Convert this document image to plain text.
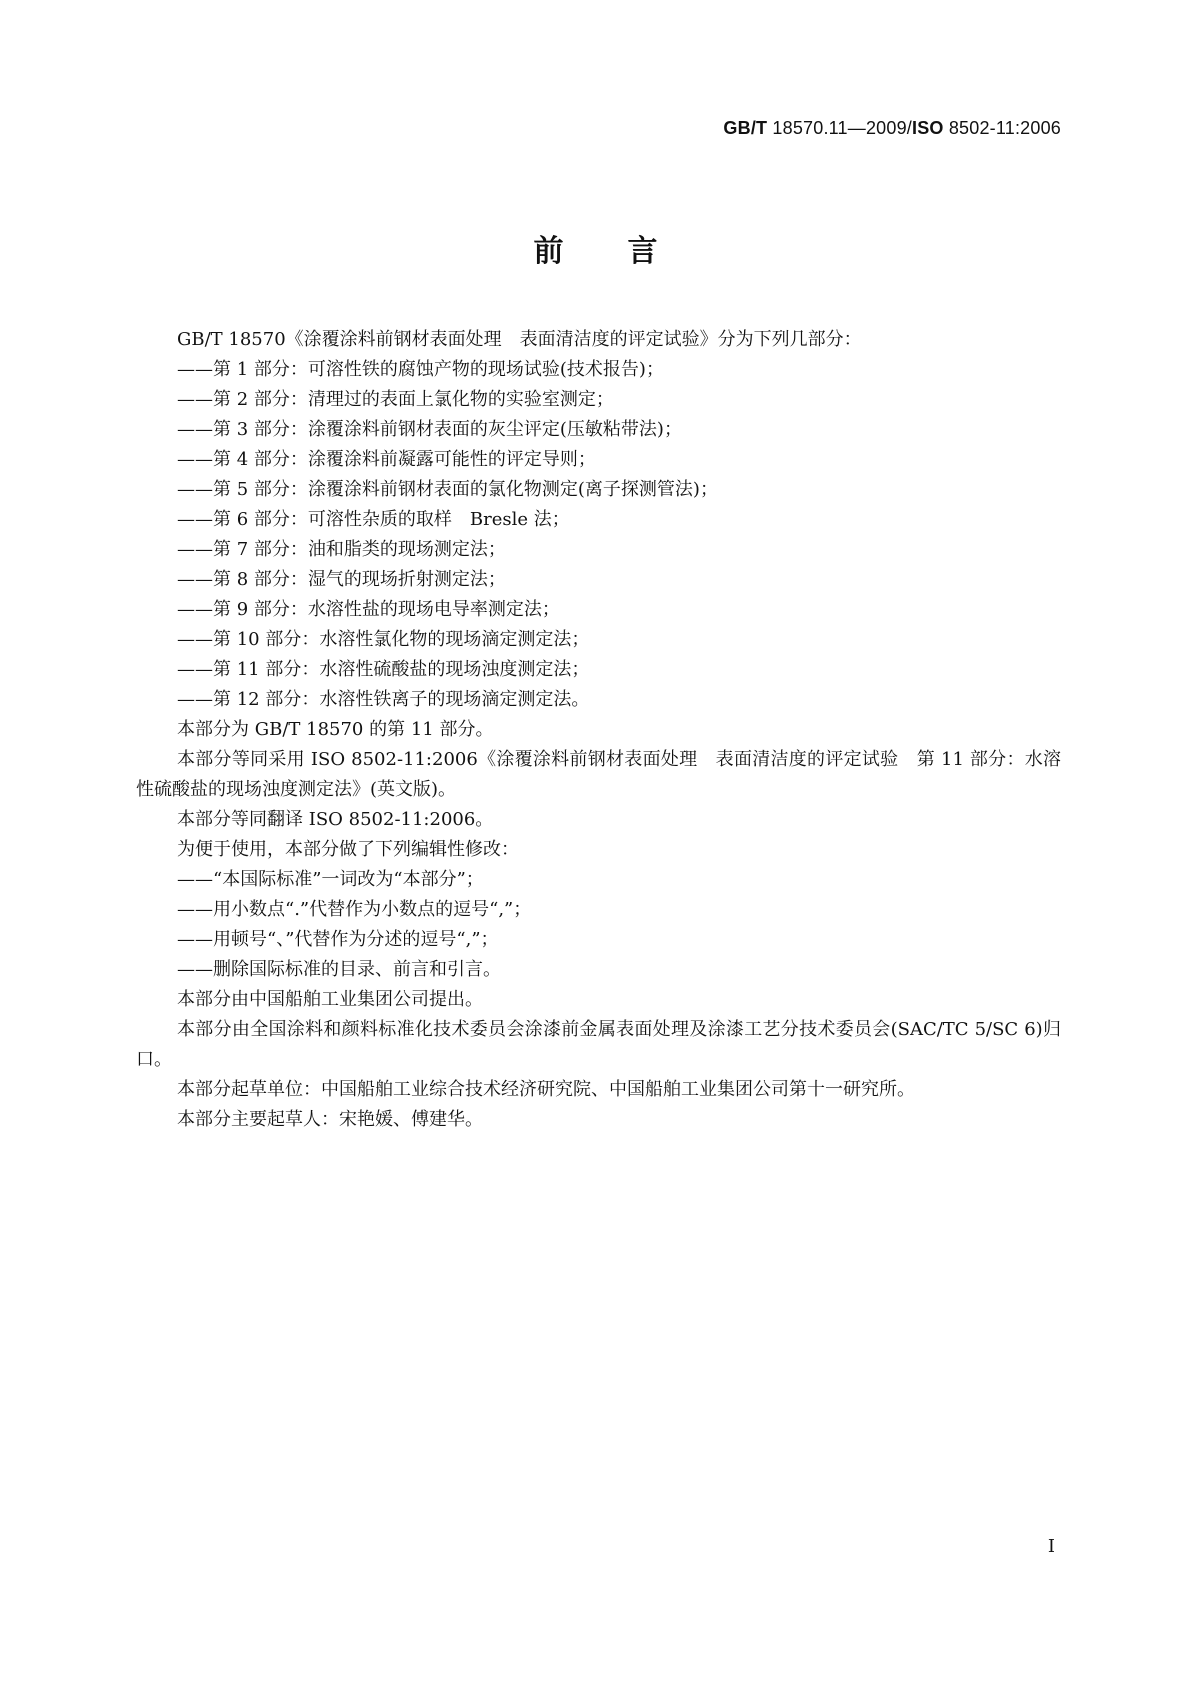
GB/T 18570.11—2009/ISO 8502-11:2006
前言

GB/T 18570《涂覆涂料前钢材表面处理　表面清洁度的评定试验》分为下列几部分：

——第 1 部分：可溶性铁的腐蚀产物的现场试验(技术报告)；

——第 2 部分：清理过的表面上氯化物的实验室测定；

——第 3 部分：涂覆涂料前钢材表面的灰尘评定(压敏粘带法)；

——第 4 部分：涂覆涂料前凝露可能性的评定导则；

——第 5 部分：涂覆涂料前钢材表面的氯化物测定(离子探测管法)；

——第 6 部分：可溶性杂质的取样　Bresle 法；

——第 7 部分：油和脂类的现场测定法；

——第 8 部分：湿气的现场折射测定法；

——第 9 部分：水溶性盐的现场电导率测定法；

——第 10 部分：水溶性氯化物的现场滴定测定法；

——第 11 部分：水溶性硫酸盐的现场浊度测定法；

——第 12 部分：水溶性铁离子的现场滴定测定法。

本部分为 GB/T 18570 的第 11 部分。

本部分等同采用 ISO 8502-11:2006《涂覆涂料前钢材表面处理　表面清洁度的评定试验　第 11 部分：水溶性硫酸盐的现场浊度测定法》(英文版)。

本部分等同翻译 ISO 8502-11:2006。

为便于使用，本部分做了下列编辑性修改：

——“本国际标准”一词改为“本部分”；

——用小数点“.”代替作为小数点的逗号“,”；

——用顿号“、”代替作为分述的逗号“,”；

——删除国际标准的目录、前言和引言。

本部分由中国船舶工业集团公司提出。

本部分由全国涂料和颜料标准化技术委员会涂漆前金属表面处理及涂漆工艺分技术委员会(SAC/TC 5/SC 6)归口。

本部分起草单位：中国船舶工业综合技术经济研究院、中国船舶工业集团公司第十一研究所。

本部分主要起草人：宋艳媛、傅建华。

I
